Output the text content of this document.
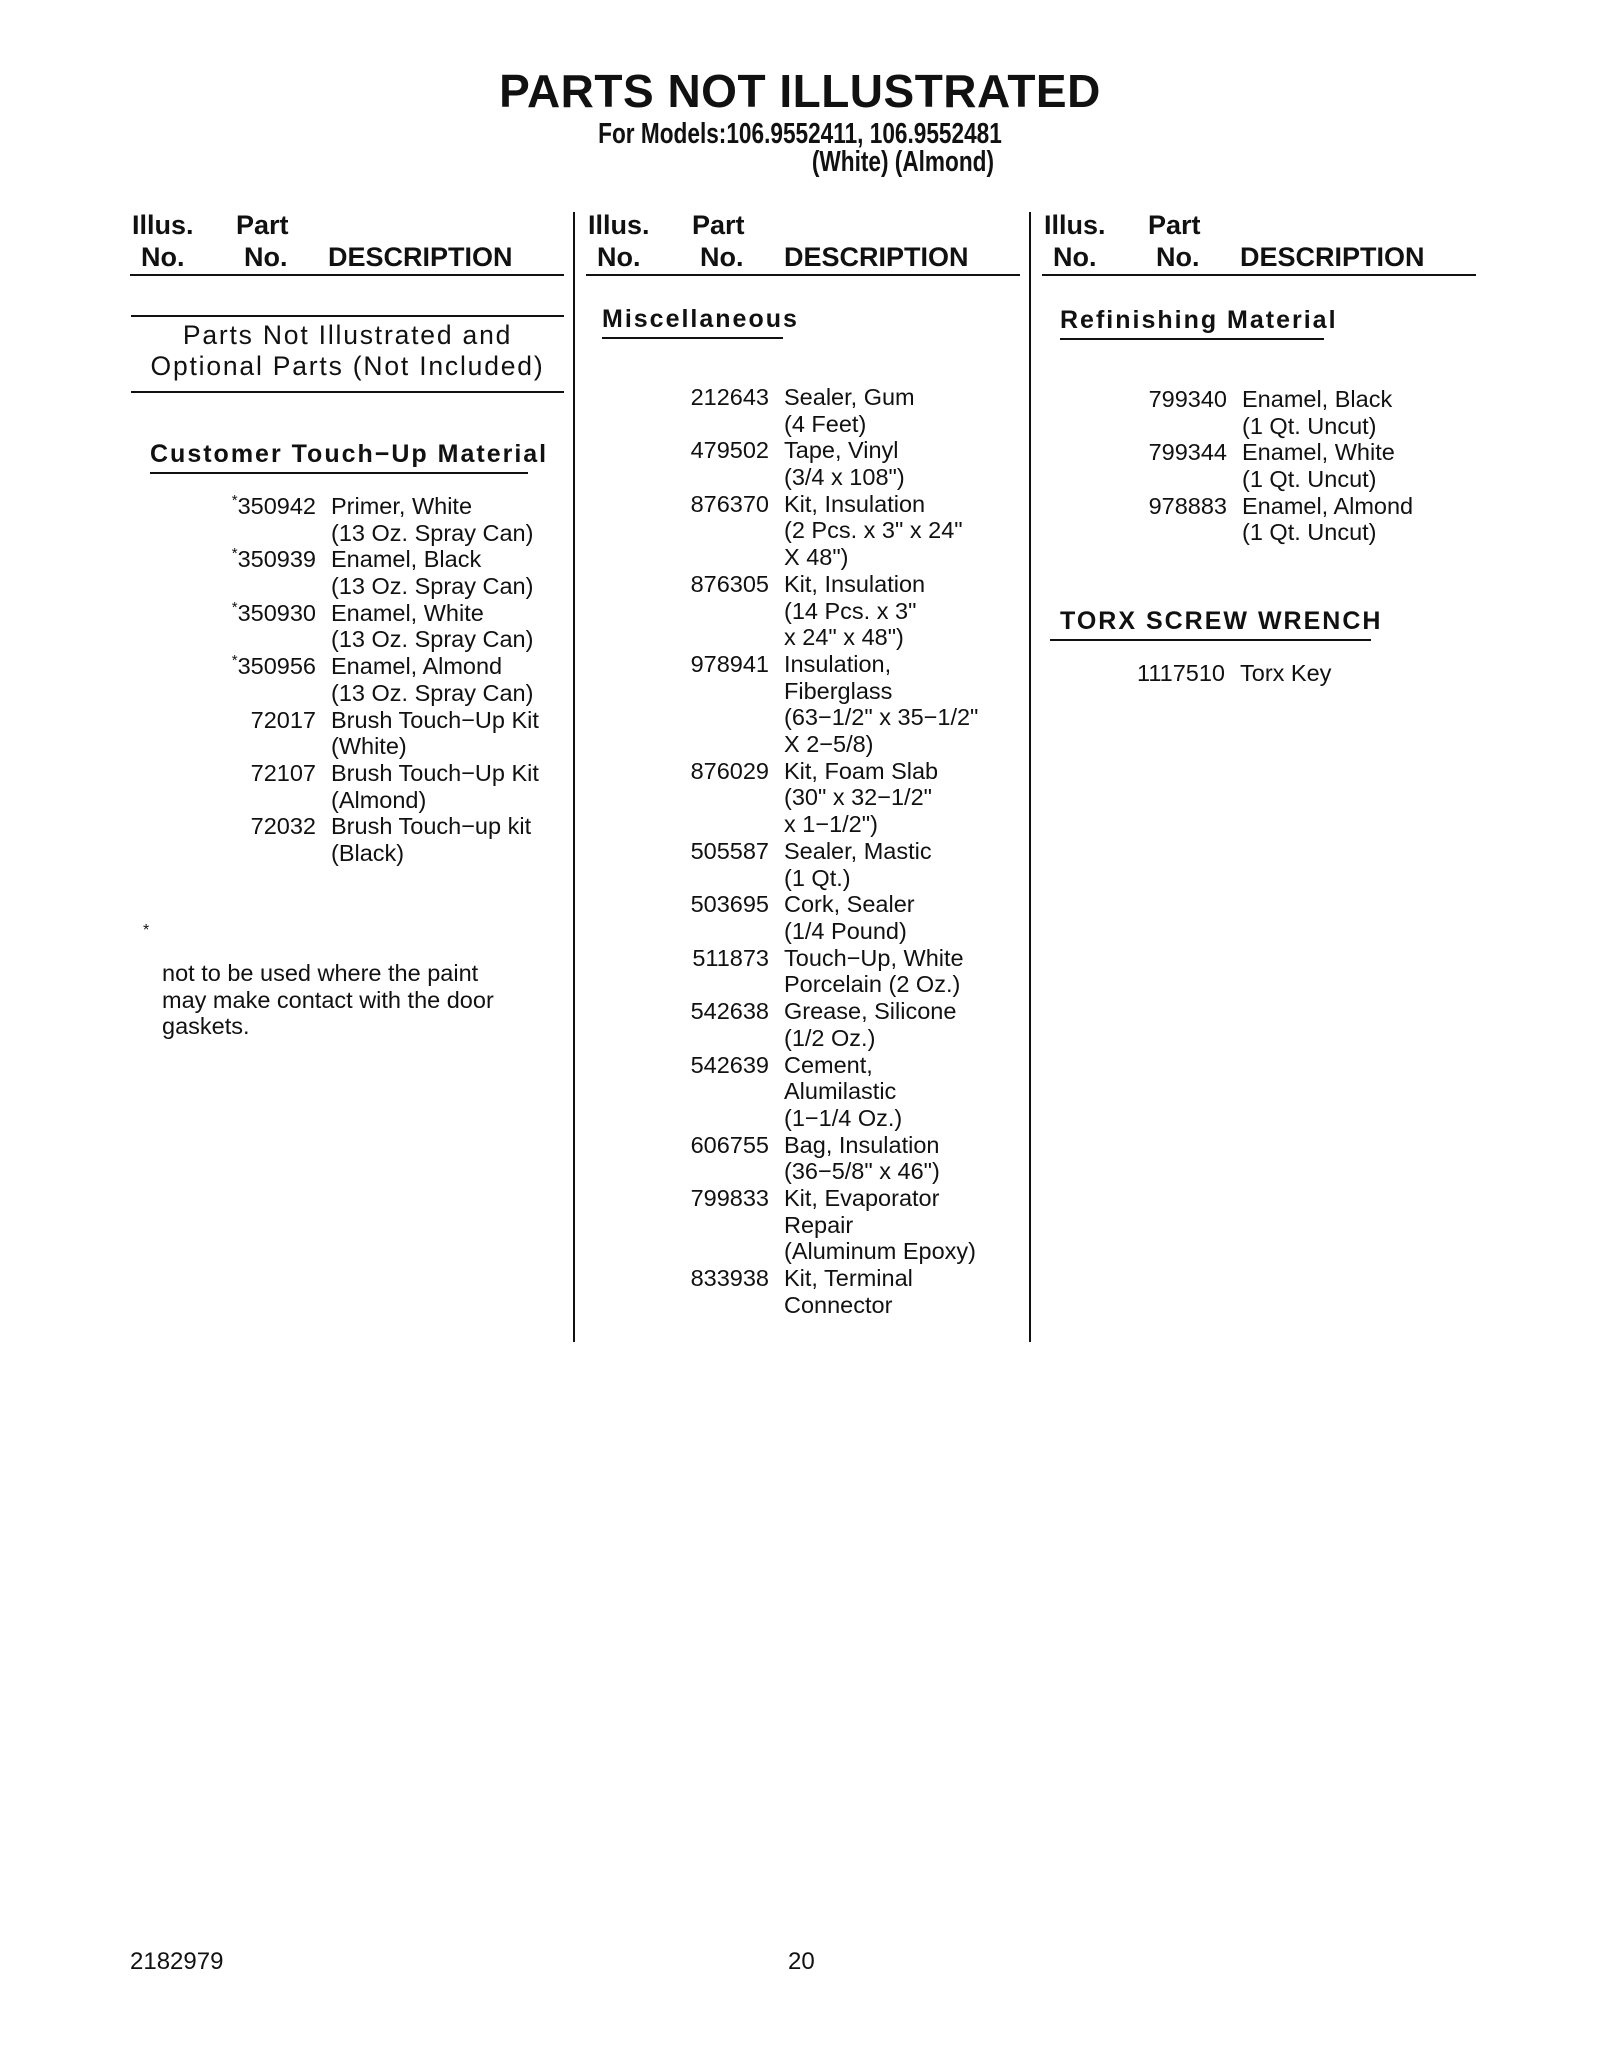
PARTS NOT ILLUSTRATED
For Models:106.9552411, 106.9552481
(White) (Almond)
Illus. Part
No. No. DESCRIPTION
Illus. Part
No. No. DESCRIPTION
Illus. Part
No. No. DESCRIPTION
Parts Not Illustrated and
Optional Parts (Not Included)
Customer Touch−Up Material
*350942 Primer, White
(13 Oz. Spray Can)
*350939 Enamel, Black
(13 Oz. Spray Can)
*350930 Enamel, White
(13 Oz. Spray Can)
*350956 Enamel, Almond
(13 Oz. Spray Can)
72017 Brush Touch−Up Kit
(White)
72107 Brush Touch−Up Kit
(Almond)
72032 Brush Touch−up kit
(Black)
*
not to be used where the paint
may make contact with the door
gaskets.
Miscellaneous
212643 Sealer, Gum
(4 Feet)
479502 Tape, Vinyl
(3/4 x 108")
876370 Kit, Insulation
(2 Pcs. x 3" x 24"
X 48")
876305 Kit, Insulation
(14 Pcs. x 3"
x 24" x 48")
978941 Insulation,
Fiberglass
(63−1/2" x 35−1/2"
X 2−5/8)
876029 Kit, Foam Slab
(30" x 32−1/2"
x 1−1/2")
505587 Sealer, Mastic
(1 Qt.)
503695 Cork, Sealer
(1/4 Pound)
511873 Touch−Up, White
Porcelain (2 Oz.)
542638 Grease, Silicone
(1/2 Oz.)
542639 Cement,
Alumilastic
(1−1/4 Oz.)
606755 Bag, Insulation
(36−5/8" x 46")
799833 Kit, Evaporator
Repair
(Aluminum Epoxy)
833938 Kit, Terminal
Connector
Refinishing Material
799340 Enamel, Black
(1 Qt. Uncut)
799344 Enamel, White
(1 Qt. Uncut)
978883 Enamel, Almond
(1 Qt. Uncut)
TORX SCREW WRENCH
1117510 Torx Key
2182979	20
